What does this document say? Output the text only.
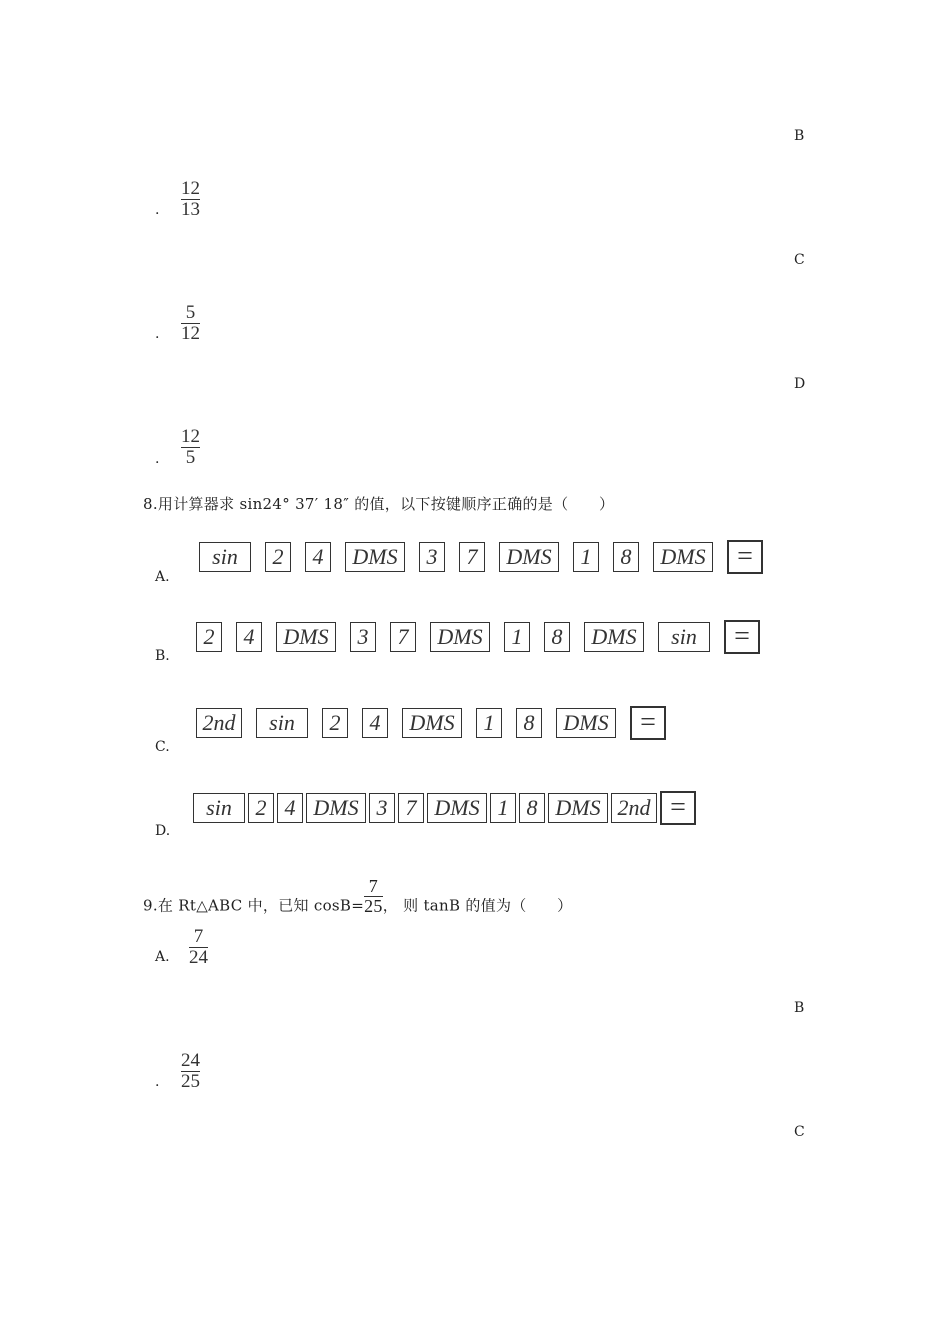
B
.
12
13
C
.
5
12
D
.
12
5
8.用计算器求 sin24° 37′ 18″ 的值，以下按键顺序正确的是（　　）
A.
sin	2	4	DMS	3	7	DMS	1	8	DMS	=
B.
2	4	DMS	3	7	DMS	1	8	DMS	sin	=
C.
2nd	sin	2	4	DMS	1	8	DMS	=
D.
sin	2 4 DMS 3 7 DMS 1 8 DMS 2nd =
9.在 Rt△ABC 中，已知 $\cos B= \frac{7}{25}$ ， 则 tanB 的值为（　　）
A.
7
24
B
.
24
25
C
